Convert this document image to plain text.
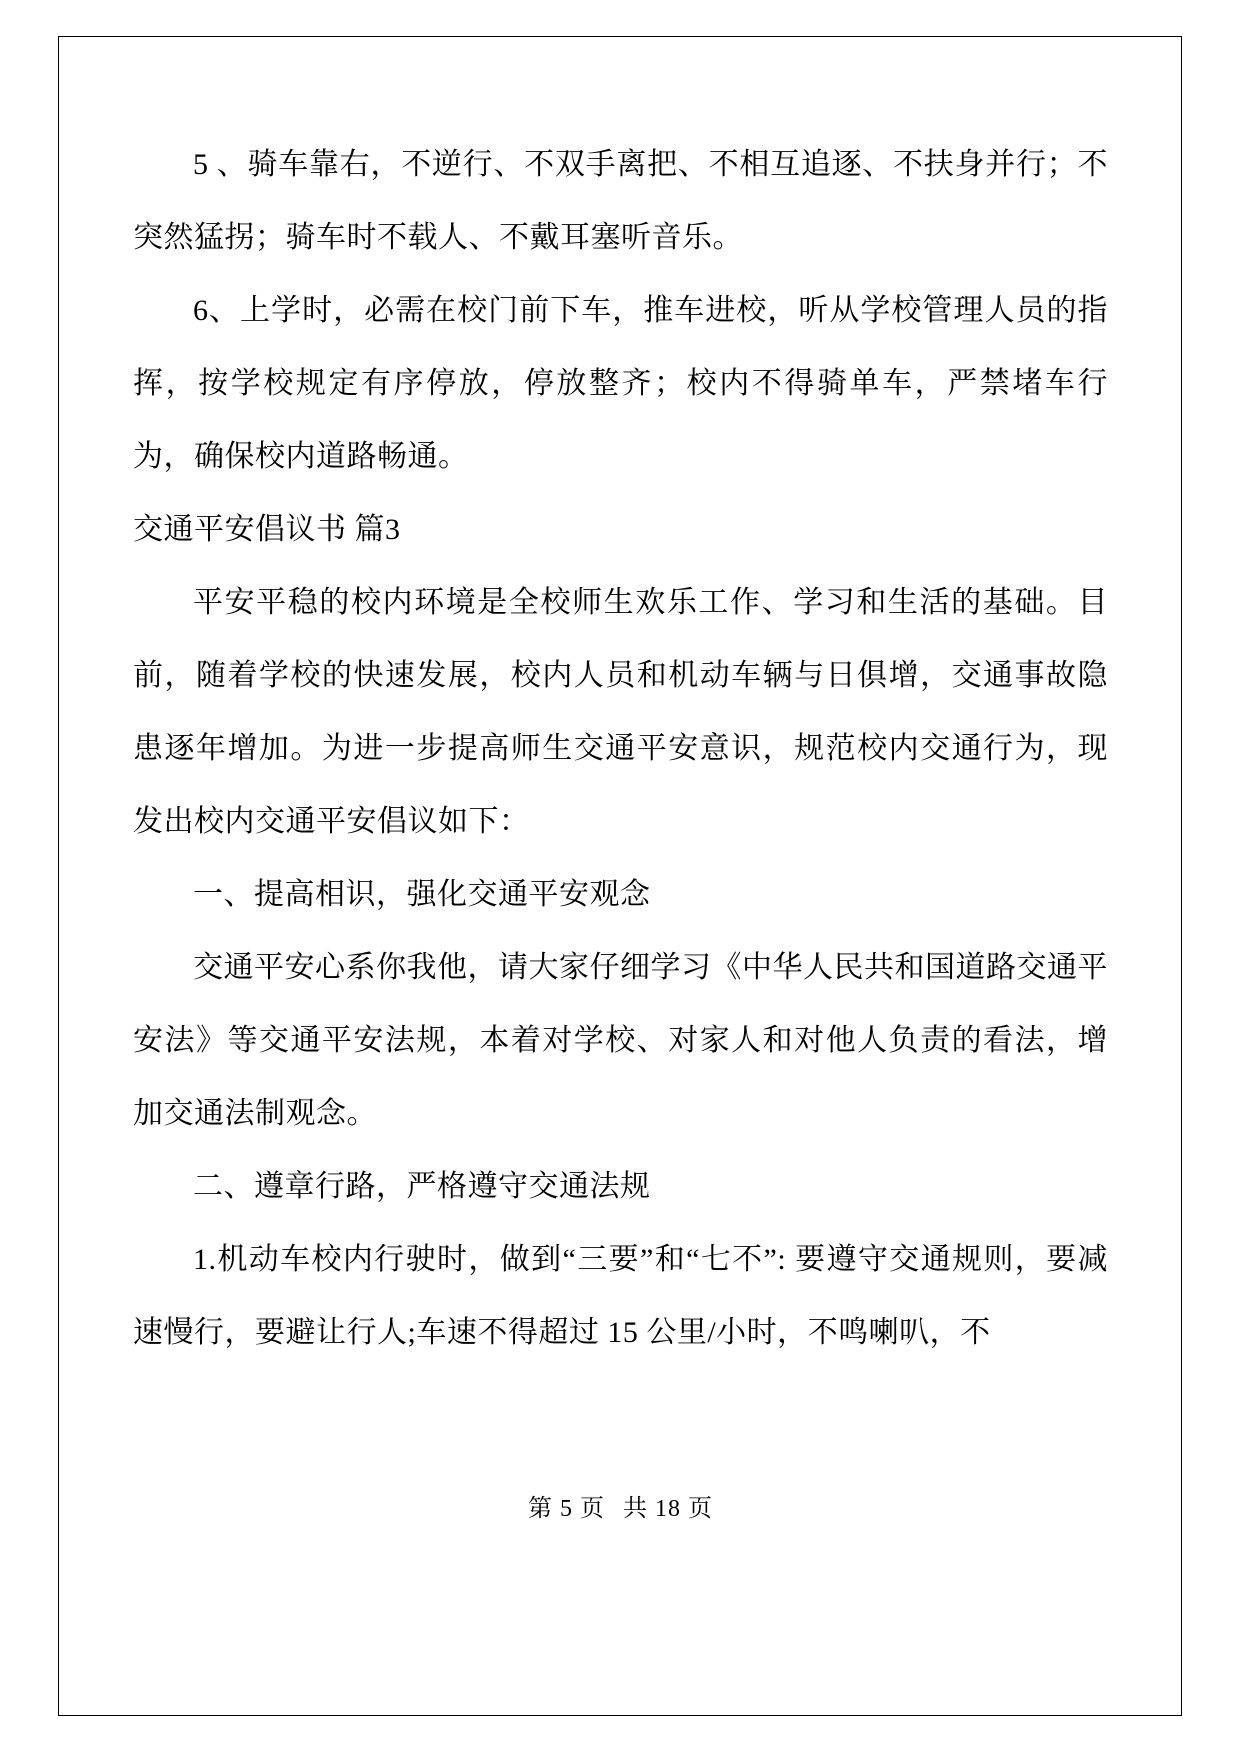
5 、骑车靠右，不逆行、不双手离把、不相互追逐、不扶身并行；不突然猛拐；骑车时不载人、不戴耳塞听音乐。

6、上学时，必需在校门前下车，推车进校，听从学校管理人员的指挥，按学校规定有序停放，停放整齐；校内不得骑单车，严禁堵车行为，确保校内道路畅通。

交通平安倡议书 篇3

平安平稳的校内环境是全校师生欢乐工作、学习和生活的基础。目前，随着学校的快速发展，校内人员和机动车辆与日俱增，交通事故隐患逐年增加。为进一步提高师生交通平安意识，规范校内交通行为，现发出校内交通平安倡议如下：

一、提高相识，强化交通平安观念

交通平安心系你我他，请大家仔细学习《中华人民共和国道路交通平安法》等交通平安法规，本着对学校、对家人和对他人负责的看法，增加交通法制观念。

二、遵章行路，严格遵守交通法规

1.机动车校内行驶时，做到“三要”和“七不”: 要遵守交通规则，要减速慢行，要避让行人;车速不得超过 15 公里/小时，不鸣喇叭，不

第 5 页 共 18 页
